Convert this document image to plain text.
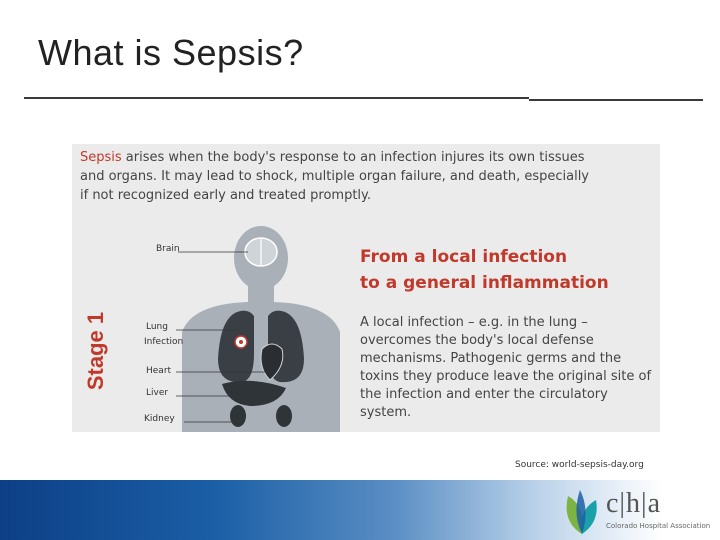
What is Sepsis?
Sepsis arises when the body's response to an infection injures its own tissues and organs. It may lead to shock, multiple organ failure, and death, especially if not recognized early and treated promptly.
Stage 1
Brain
Lung
Infection
Heart
Liver
Kidney
From a local infection
to a general inflammation
A local infection – e.g. in the lung – overcomes the body's local defense mechanisms. Pathogenic germs and the toxins they produce leave the original site of the infection and enter the circulatory system.
Source: world-sepsis-day.org
c|h|a
Colorado Hospital Association
